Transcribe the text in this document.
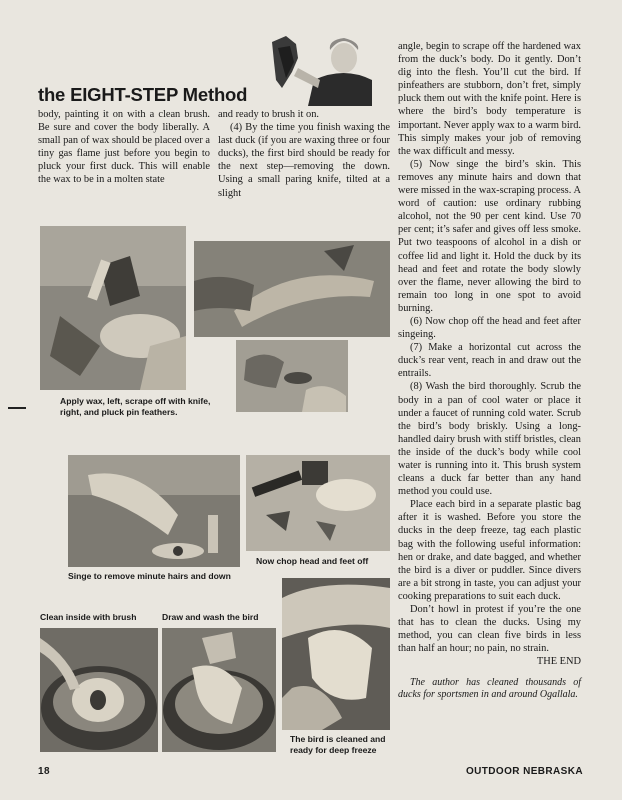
the EIGHT-STEP Method

body, painting it on with a clean brush. Be sure and cover the body liberally. A small pan of wax should be placed over a tiny gas flame just before you begin to pluck your first duck. This will enable the wax to be in a molten state

and ready to brush it on.

(4) By the time you finish waxing the last duck (if you are waxing three or four ducks), the first bird should be ready for the next step—removing the down. Using a small paring knife, tilted at a slight

angle, begin to scrape off the hardened wax from the duck’s body. Do it gently. Don’t dig into the flesh. You’ll cut the bird. If pinfeathers are stubborn, don’t fret, simply pluck them out with the knife point. Here is where the bird’s body temperature is important. Never apply wax to a warm bird. This simply makes your job of removing the wax difficult and messy.

(5) Now singe the bird’s skin. This removes any minute hairs and down that were missed in the wax-scraping process. A word of caution: use ordinary rubbing alcohol, not the 90 per cent kind. Use 70 per cent; it’s safer and gives off less smoke. Put two teaspoons of alcohol in a dish or coffee lid and light it. Hold the duck by its head and feet and rotate the body slowly over the flame, never allowing the bird to remain too long in one spot to avoid burning.

(6) Now chop off the head and feet after singeing.

(7) Make a horizontal cut across the duck’s rear vent, reach in and draw out the entrails.

(8) Wash the bird thoroughly. Scrub the body in a pan of cool water or place it under a faucet of running cold water. Scrub the bird’s body briskly. Using a long-handled dairy brush with stiff bristles, clean the inside of the duck’s body while cool water is running into it. This brush system cleans a duck far better than any hand method you could use.

Place each bird in a separate plastic bag after it is washed. Before you store the ducks in the deep freeze, tag each plastic bag with the following useful information: hen or drake, and date bagged, and whether the bird is a diver or puddler. Since divers are a bit strong in taste, you can adjust your cooking preparations to suit each duck.

Don’t howl in protest if you’re the one that has to clean the ducks. Using my method, you can clean five birds in less than half an hour; no pain, no strain.

THE END

The author has cleaned thousands of ducks for sportsmen in and around Ogallala.

Apply wax, left, scrape off with knife, right, and pluck pin feathers.
Singe to remove minute hairs and down
Now chop head and feet off
Clean inside with brush	Draw and wash the bird
The bird is cleaned and ready for deep freeze
18	OUTDOOR NEBRASKA
